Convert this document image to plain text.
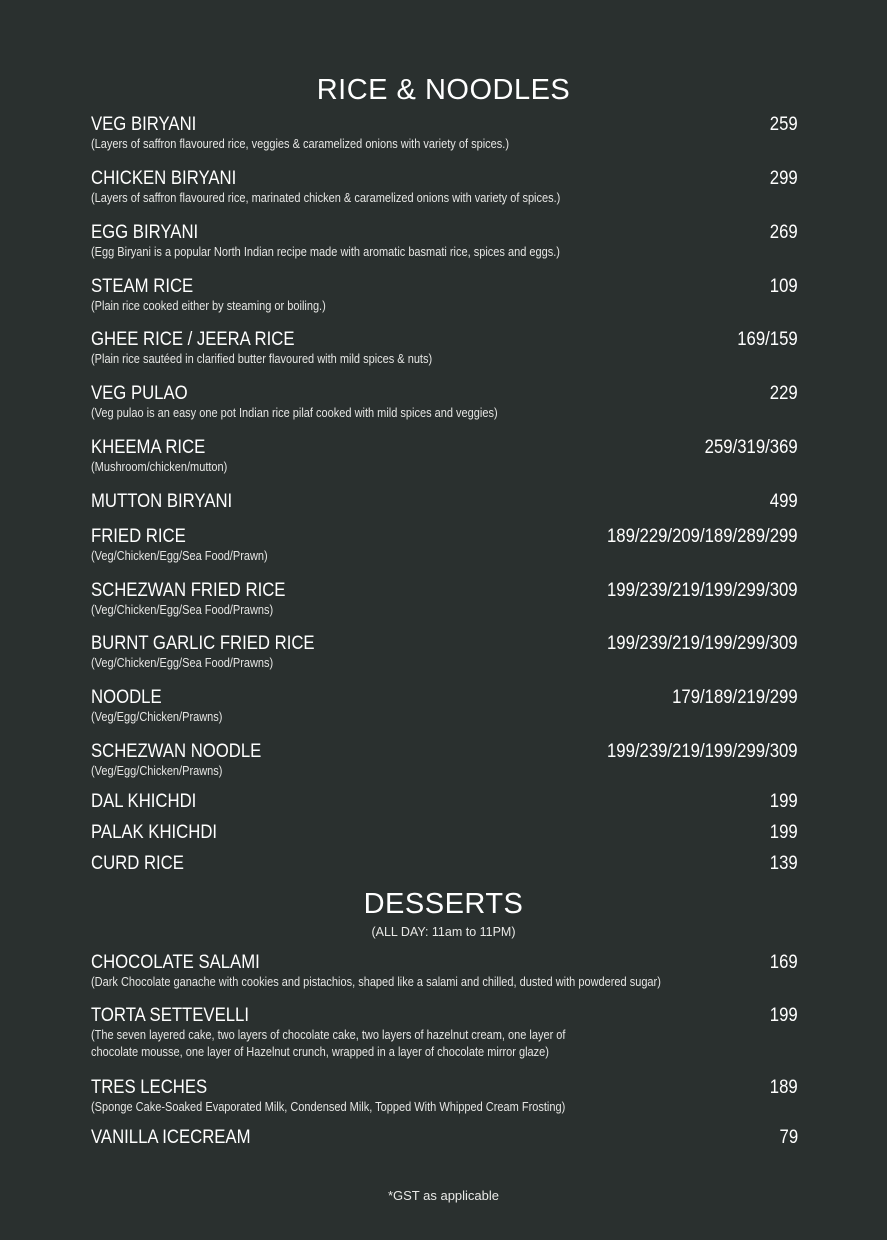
RICE & NOODLES
VEG BIRYANI	259
(Layers of saffron flavoured rice, veggies & caramelized onions with variety of spices.)
CHICKEN BIRYANI	299
(Layers of saffron flavoured rice, marinated chicken & caramelized onions with variety of spices.)
EGG BIRYANI	269
(Egg Biryani is a popular North Indian recipe made with aromatic basmati rice, spices and eggs.)
STEAM RICE	109
(Plain rice cooked either by steaming or boiling.)
GHEE RICE / JEERA RICE	169/159
(Plain rice sautéed in clarified butter flavoured with mild spices & nuts)
VEG PULAO	229
(Veg pulao is an easy one pot Indian rice pilaf cooked with mild spices and veggies)
KHEEMA RICE	259/319/369
(Mushroom/chicken/mutton)
MUTTON BIRYANI	499
FRIED RICE	189/229/209/189/289/299
(Veg/Chicken/Egg/Sea Food/Prawn)
SCHEZWAN FRIED RICE	199/239/219/199/299/309
(Veg/Chicken/Egg/Sea Food/Prawns)
BURNT GARLIC FRIED RICE	199/239/219/199/299/309
(Veg/Chicken/Egg/Sea Food/Prawns)
NOODLE	179/189/219/299
(Veg/Egg/Chicken/Prawns)
SCHEZWAN NOODLE	199/239/219/199/299/309
(Veg/Egg/Chicken/Prawns)
DAL KHICHDI	199
PALAK KHICHDI	199
CURD RICE	139
DESSERTS
(ALL DAY: 11am to 11PM)
CHOCOLATE SALAMI	169
(Dark Chocolate ganache with cookies and pistachios, shaped like a salami and chilled, dusted with powdered sugar)
TORTA SETTEVELLI	199
(The seven layered cake, two layers of chocolate cake, two layers of hazelnut cream, one layer of
chocolate mousse, one layer of Hazelnut crunch, wrapped in a layer of chocolate mirror glaze)
TRES LECHES	189
(Sponge Cake-Soaked Evaporated Milk, Condensed Milk, Topped With Whipped Cream Frosting)
VANILLA ICECREAM	79
*GST as applicable
